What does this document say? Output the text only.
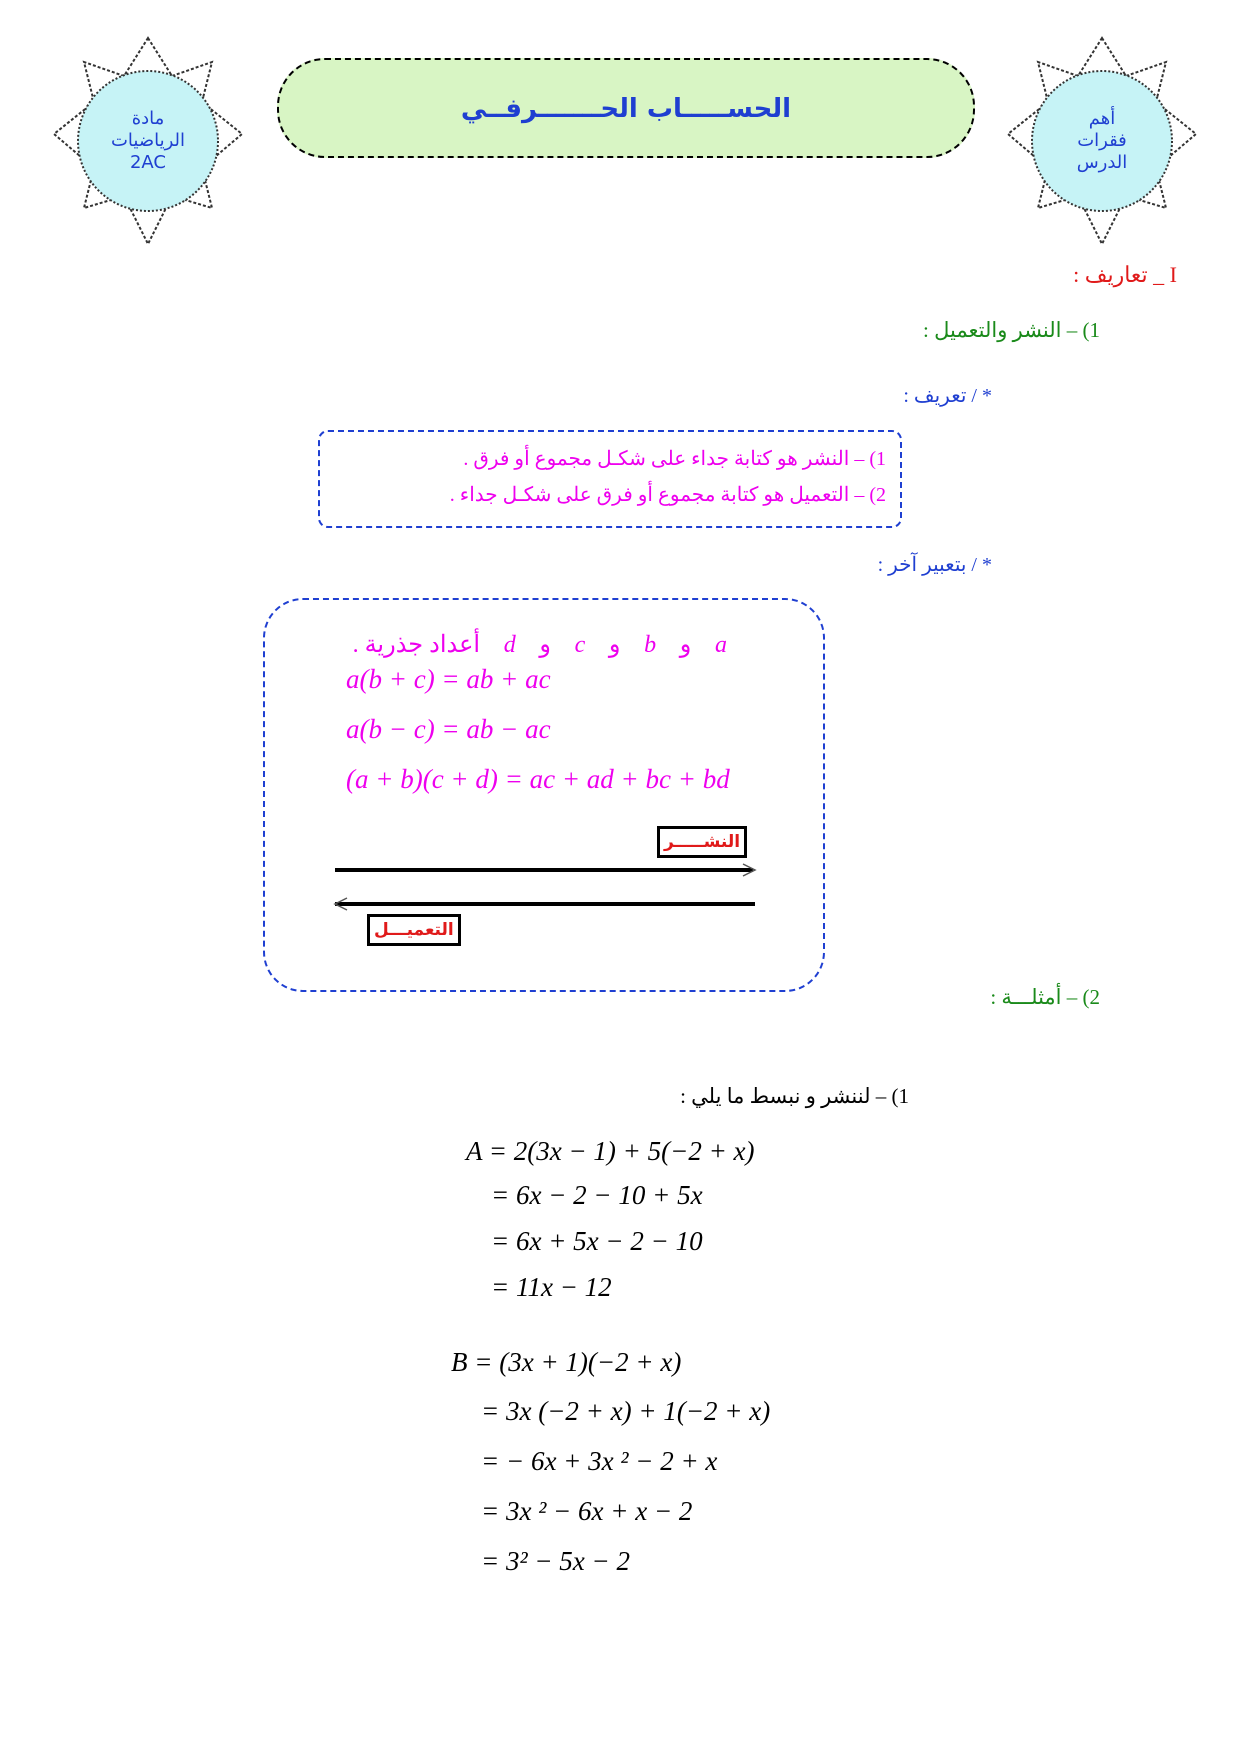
مادة
الرياضيات
2AC
الحســـــاب الحـــــــرفــي	أهم
فقرات
الدرس
I _ تعاريف :
1) – النشر والتعميل :
* / تعريف :
1) – النشر هو كتابة جداء على شكـل مجموع أو فرق .
2) – التعميل هو كتابة مجموع أو فرق على شكـل جداء .
* / بتعبير آخر :
a و b و c و d أعداد جذرية .
a(b + c) = ab + ac
a(b − c) = ab − ac
(a + b)(c + d) = ac + ad + bc + bd
النشـــــر
التعميـــل
2) – أمثلـــة :
1) – لننشر و نبسط ما يلي :
A = 2(3x − 1) + 5(−2 + x)
= 6x − 2 − 10 + 5x
= 6x + 5x − 2 − 10
= 11x − 12
B = (3x + 1)(−2 + x)
= 3x (−2 + x) + 1(−2 + x)
= − 6x + 3x ² − 2 + x
= 3x ² − 6x + x − 2
= 3² − 5x − 2
